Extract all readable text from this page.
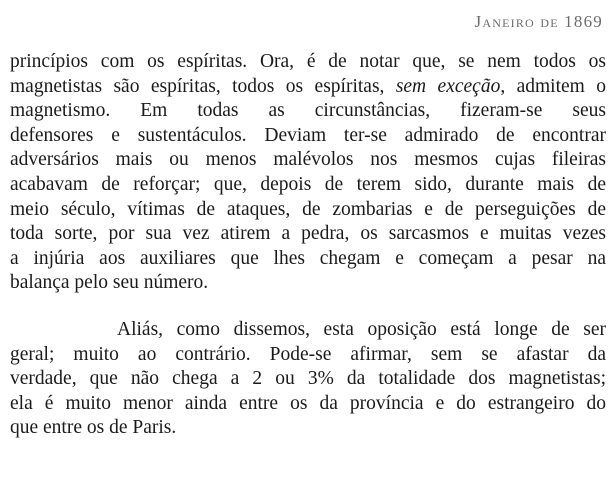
Janeiro de 1869
princípios com os espíritas. Ora, é de notar que, se nem todos os
magnetistas são espíritas, todos os espíritas, sem exceção, admitem o
magnetismo. Em todas as circunstâncias, fizeram-se seus
defensores e sustentáculos. Deviam ter-se admirado de encontrar
adversários mais ou menos malévolos nos mesmos cujas fileiras
acabavam de reforçar; que, depois de terem sido, durante mais de
meio século, vítimas de ataques, de zombarias e de perseguições de
toda sorte, por sua vez atirem a pedra, os sarcasmos e muitas vezes
a injúria aos auxiliares que lhes chegam e começam a pesar na
balança pelo seu número.
Aliás, como dissemos, esta oposição está longe de ser
geral; muito ao contrário. Pode-se afirmar, sem se afastar da
verdade, que não chega a 2 ou 3% da totalidade dos magnetistas;
ela é muito menor ainda entre os da província e do estrangeiro do
que entre os de Paris.
